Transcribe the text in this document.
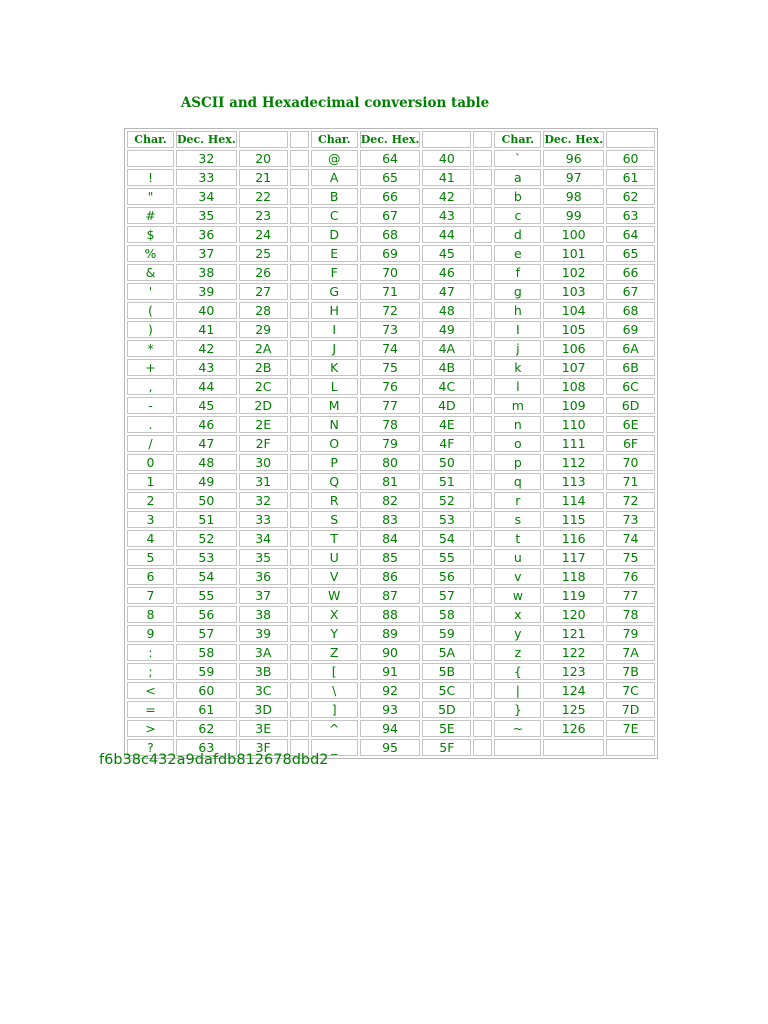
ASCII and Hexadecimal conversion table
Char.	Dec. Hex.			Char.	Dec. Hex.			Char.	Dec. Hex.	
	32	20		@	64	40		`	96	60
!	33	21		A	65	41		a	97	61
"	34	22		B	66	42		b	98	62
#	35	23		C	67	43		c	99	63
$	36	24		D	68	44		d	100	64
%	37	25		E	69	45		e	101	65
&	38	26		F	70	46		f	102	66
'	39	27		G	71	47		g	103	67
(	40	28		H	72	48		h	104	68
)	41	29		I	73	49		I	105	69
*	42	2A		J	74	4A		j	106	6A
+	43	2B		K	75	4B		k	107	6B
,	44	2C		L	76	4C		l	108	6C
-	45	2D		M	77	4D		m	109	6D
.	46	2E		N	78	4E		n	110	6E
/	47	2F		O	79	4F		o	111	6F
0	48	30		P	80	50		p	112	70
1	49	31		Q	81	51		q	113	71
2	50	32		R	82	52		r	114	72
3	51	33		S	83	53		s	115	73
4	52	34		T	84	54		t	116	74
5	53	35		U	85	55		u	117	75
6	54	36		V	86	56		v	118	76
7	55	37		W	87	57		w	119	77
8	56	38		X	88	58		x	120	78
9	57	39		Y	89	59		y	121	79
:	58	3A		Z	90	5A		z	122	7A
;	59	3B		[	91	5B		{	123	7B
<	60	3C		\	92	5C		|	124	7C
=	61	3D		]	93	5D		}	125	7D
>	62	3E		^	94	5E		~	126	7E
?	63	3F		_	95	5F				
f6b38c432a9dafdb812678dbd2
